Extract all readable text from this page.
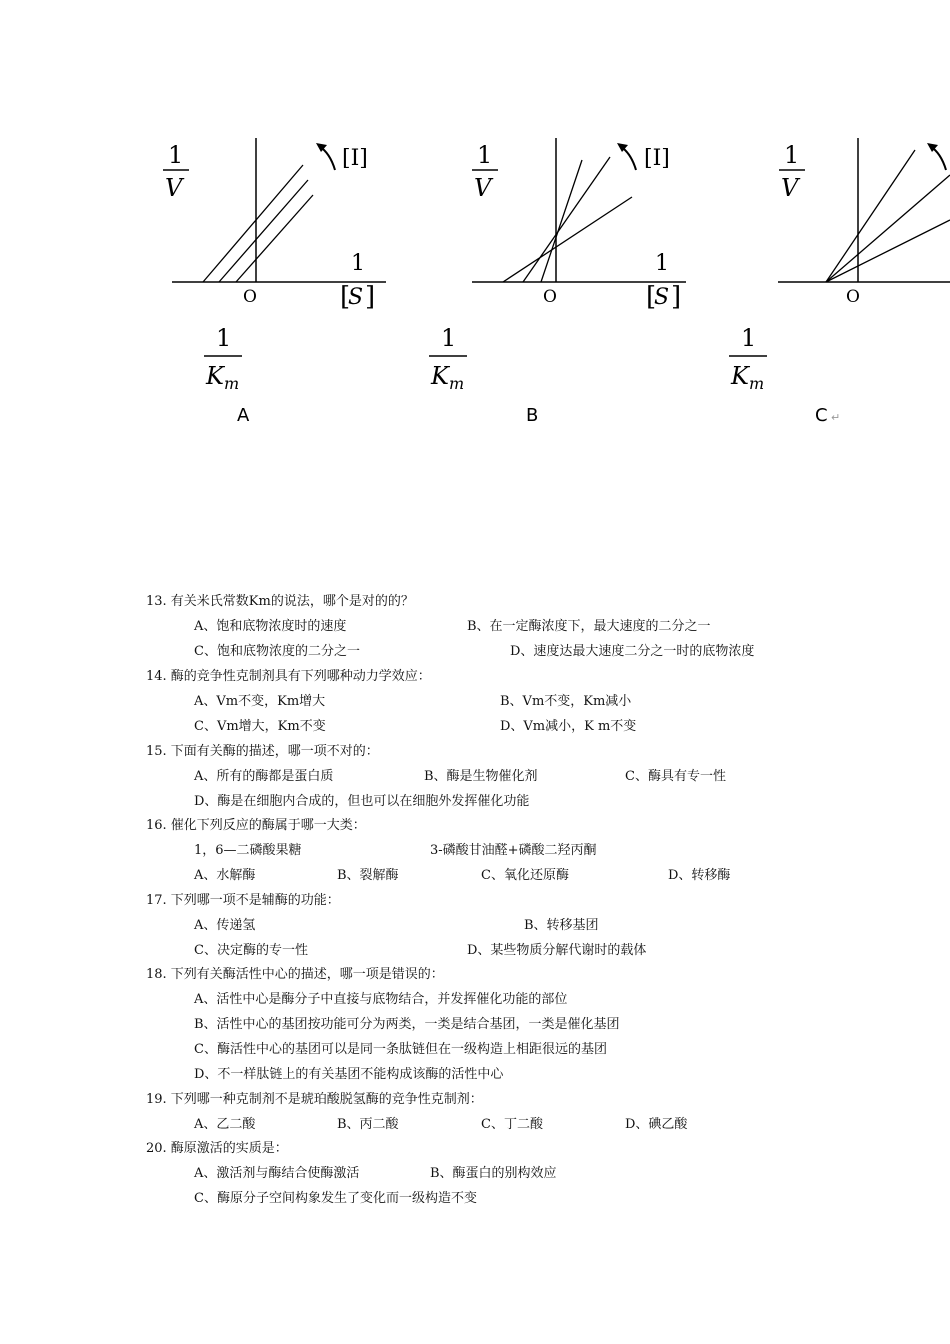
1
V
[I]
1
[
S ]
O
1
K m
A
1
V
[I]
1
[
S ]
O
1
K m
B
1
V
O
1
K m
C ↵
13. 有关米氏常数Km的说法，哪个是对的的？
A、饱和底物浓度时的速度	B、在一定酶浓度下，最大速度的二分之一
C、饱和底物浓度的二分之一	D、速度达最大速度二分之一时的底物浓度
14. 酶的竞争性克制剂具有下列哪种动力学效应：
A、Vm不变，Km增大	B、Vm不变，Km减小
C、Vm增大，Km不变	D、Vm减小，K m不变
15. 下面有关酶的描述，哪一项不对的：
A、所有的酶都是蛋白质	B、酶是生物催化剂	C、酶具有专一性
D、酶是在细胞内合成的，但也可以在细胞外发挥催化功能
16. 催化下列反应的酶属于哪一大类：
1，6—二磷酸果糖	3-磷酸甘油醛+磷酸二羟丙酮
A、水解酶	B、裂解酶	C、氧化还原酶	D、转移酶
17. 下列哪一项不是辅酶的功能：
A、传递氢	B、转移基团
C、决定酶的专一性	D、某些物质分解代谢时的载体
18. 下列有关酶活性中心的描述，哪一项是错误的：
A、活性中心是酶分子中直接与底物结合，并发挥催化功能的部位
B、活性中心的基团按功能可分为两类，一类是结合基团，一类是催化基团
C、酶活性中心的基团可以是同一条肽链但在一级构造上相距很远的基团
D、不一样肽链上的有关基团不能构成该酶的活性中心
19. 下列哪一种克制剂不是琥珀酸脱氢酶的竞争性克制剂：
A、乙二酸	B、丙二酸	C、丁二酸	D、碘乙酸
20. 酶原激活的实质是：
A、激活剂与酶结合使酶激活	B、酶蛋白的别构效应
C、酶原分子空间构象发生了变化而一级构造不变
